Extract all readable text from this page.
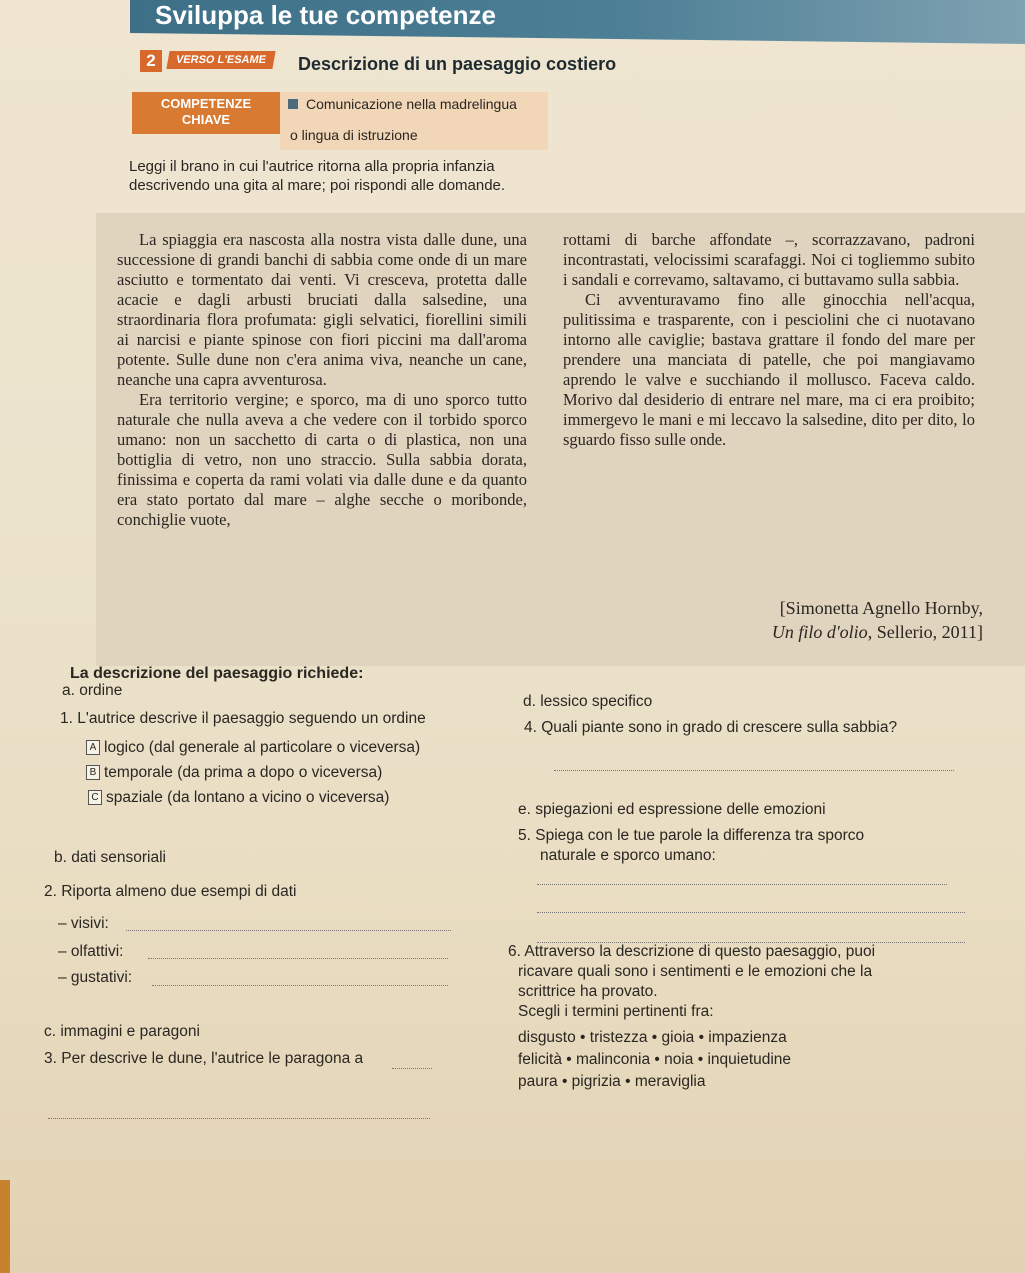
Sviluppa le tue competenze
2	VERSO L'ESAME	Descrizione di un paesaggio costiero
COMPETENZE
CHIAVE
Comunicazione nella madrelingua
o lingua di istruzione
Leggi il brano in cui l'autrice ritorna alla propria infanzia descrivendo una gita al mare; poi rispondi alle domande.

La spiaggia era nascosta alla nostra vista dalle dune, una successione di grandi banchi di sabbia come onde di un mare asciutto e tormentato dai venti. Vi cresceva, protetta dalle acacie e dagli arbusti bruciati dalla salsedine, una straordinaria flora profumata: gigli selvatici, fiorellini simili ai narcisi e piante spinose con fiori piccini ma dall'aroma potente. Sulle dune non c'era anima viva, neanche un cane, neanche una capra avventurosa.

Era territorio vergine; e sporco, ma di uno sporco tutto naturale che nulla aveva a che vedere con il torbido sporco umano: non un sacchetto di carta o di plastica, non una bottiglia di vetro, non uno straccio. Sulla sabbia dorata, finissima e coperta da rami volati via dalle dune e da quanto era stato portato dal mare – alghe secche o moribonde, conchiglie vuote,

rottami di barche affondate –, scorrazzavano, padroni incontrastati, velocissimi scarafaggi. Noi ci togliemmo subito i sandali e correvamo, saltavamo, ci buttavamo sulla sabbia.

Ci avventuravamo fino alle ginocchia nell'acqua, pulitissima e trasparente, con i pesciolini che ci nuotavano intorno alle caviglie; bastava grattare il fondo del mare per prendere una manciata di patelle, che poi mangiavamo aprendo le valve e succhiando il mollusco. Faceva caldo. Morivo dal desiderio di entrare nel mare, ma ci era proibito; immergevo le mani e mi leccavo la salsedine, dito per dito, lo sguardo fisso sulle onde.

[Simonetta Agnello Hornby,
Un filo d'olio, Sellerio, 2011]
La descrizione del paesaggio richiede:
a. ordine
1. L'autrice descrive il paesaggio seguendo un ordine
A logico (dal generale al particolare o viceversa)
B temporale (da prima a dopo o viceversa)
C spaziale (da lontano a vicino o viceversa)
b. dati sensoriali
2. Riporta almeno due esempi di dati
– visivi:
– olfattivi:
– gustativi:
c. immagini e paragoni
3. Per descrive le dune, l'autrice le paragona a
d. lessico specifico
4. Quali piante sono in grado di crescere sulla sabbia?
e. spiegazioni ed espressione delle emozioni
5. Spiega con le tue parole la differenza tra sporco
naturale e sporco umano:
6. Attraverso la descrizione di questo paesaggio, puoi
ricavare quali sono i sentimenti e le emozioni che la
scrittrice ha provato.
Scegli i termini pertinenti fra:
disgusto • tristezza • gioia • impazienza
felicità • malinconia • noia • inquietudine
paura • pigrizia • meraviglia
